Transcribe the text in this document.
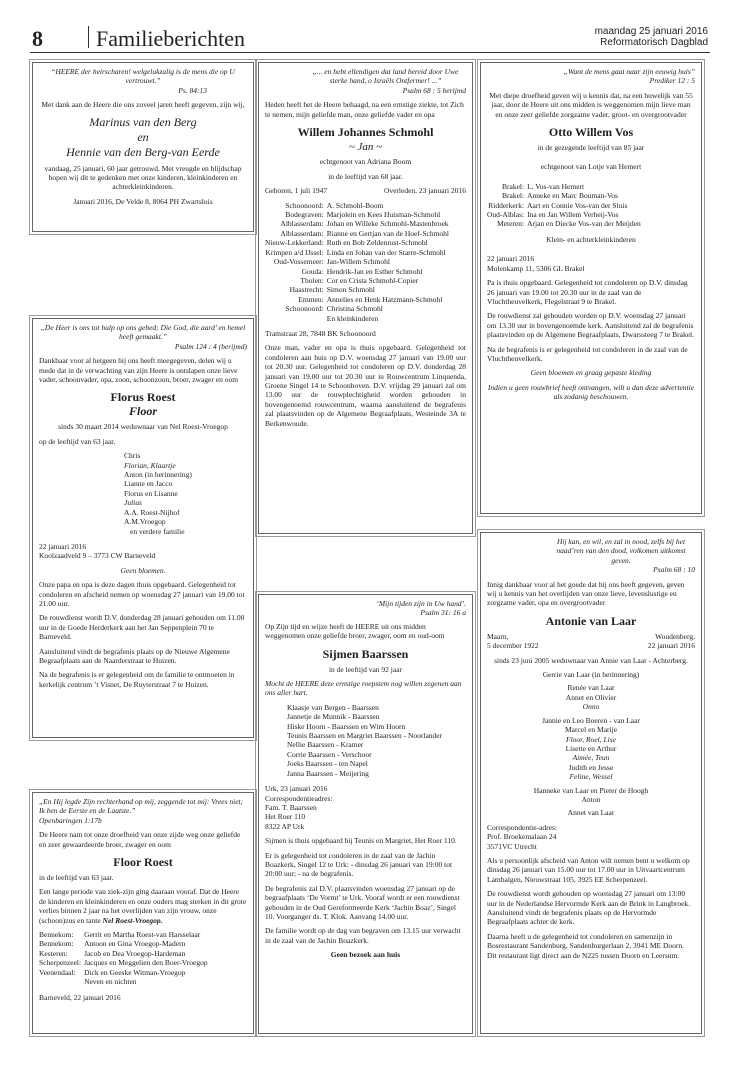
8 Familieberichten	maandag 25 januari 2016
Reformatorisch Dagblad
“HEERE der heirscharen! welgelukzalig is de mens die op U vertrouwt.”
Ps. 84:13

Met dank aan de Heere die ons zoveel jaren heeft gegeven, zijn wij,

Marinus van den Berg
en
Hennie van den Berg-van Eerde

vandaag, 25 januari, 60 jaar getrouwd. Met vreugde en blijdschap hopen wij dit te gedenken met onze kinderen, kleinkinderen en achterkleinkinderen.

Januari 2016, De Velde 8, 8064 PH Zwartsluis
„De Heer is ons tot hulp op ons gebed; Die God, die aard’ en hemel heeft gemaakt.”
Psalm 124 : 4 (berijmd)

Dankbaar voor al hetgeen hij ons heeft meegegeven, delen wij u mede dat in de verwachting van zijn Heere is ontslapen onze lieve vader, schoonvader, opa, zoon, schoonzoon, broer, zwager en oom

Florus Roest
Floor

sinds 30 maart 2014 weduwnaar van Nel Roest-Vroegop

op de leeftijd van 63 jaar.

Chris
Florian, Klaartje
Anton (in herinnering)
Lianne en Jacco
Florus en Lisanne
Julius
A.A. Roest-Nijhof
A.M.Vroegop
en verdere familie
22 januari 2016

Koolzaadveld 9 – 3773 CW Barneveld

Geen bloemen.

Onze papa en opa is deze dagen thuis opgebaard. Gelegenheid tot condoleren en afscheid nemen op woensdag 27 januari van 19.00 tot 21.00 uur.

De rouwdienst wordt D.V. donderdag 28 januari gehouden om 11.00 uur in de Goede Herderkerk aan het Jan Seppenplein 70 te Barneveld.

Aansluitend vindt de begrafenis plaats op de Nieuwe Algemene Begraafplaats aan de Naarderstraat te Huizen.

Na de begrafenis is er gelegenheid om de familie te ontmoeten in kerkelijk centrum ’t Visnet, De Ruyterstraat 7 te Huizen.

„En Hij legde Zijn rechterhand op mij, zeggende tot mij: Vrees niet; Ik ben de Eerste en de Laatste.”
Openbaringen 1:17b

De Heere nam tot onze droefheid van onze zijde weg onze geliefde en zeer gewaardeerde broer, zwager en oom

Floor Roest

in de leeftijd van 63 jaar.

Een lange periode van ziek-zijn ging daaraan vooraf. Dat de Heere de kinderen en kleinkinderen en onze ouders mag sterken in dit grote verlies binnen 2 jaar na het overlijden van zijn vrouw, onze (schoon)zus en tante Nel Roest-Vroegop.
Bennekom:	Gerrit en Martha Roest-van Harsselaar
Bennekom:	Antoon en Gina Vroegop-Madern
Kesteren:	Jacob en Dea Vroegop-Hardeman
Scherpenzeel: Jacques en Meggelien den Boer-Vroegop
Veenendaal:	Dick en Geeske Witman-Vroegop
Neven en nichten
Barneveld, 22 januari 2016
„... en hebt ellendigen dat land bereid door Uwe sterke hand, o Israëls Ontfermer! ...”
Psalm 68 : 5 berijmd

Heden heeft het de Heere behaagd, na een ernstige ziekte, tot Zich te nemen, mijn geliefde man, onze geliefde vader en opa

Willem Johannes Schmohl
~ Jan ~

echtgenoot van Adriana Boom

in de leeftijd van 68 jaar.

Geboren, 1 juli 1947	Overleden, 23 januari 2016
Schoonoord: A. Schmohl-Boom
Bodegraven: Marjolein en Kees Huisman-Schmohl
Alblasserdam: Johan en Willeke Schmohl-Mastenbroek
Alblasserdam: Rianne en Gertjan van de Hoef-Schmohl
Nieuw-Lekkerland: Ruth en Bob Zeldenrust-Schmohl
Krimpen a/d IJssel: Linda en Johan van der Starre-Schmohl
Oud-Vossemeer: Jan-Willem Schmohl
Gouda: Hendrik-Jan en Esther Schmohl
Tholen: Cor en Crista Schmohl-Copier
Haastrecht: Simon Schmohl
Emmen: Annelies en Henk Hatzmann-Schmohl
Schoonoord: Christina Schmohl
En kleinkinderen

Tramstraat 28, 7848 BK Schoonoord

Onze man, vader en opa is thuis opgebaard. Gelegenheid tot condoleren aan huis op D.V. woensdag 27 januari van 19.00 uur tot 20.30 uur. Gelegenheid tot condoleren op D.V. donderdag 28 januari van 19.00 uur tot 20.30 uur in Rouwcentrum Linquenda, Groene Singel 14 te Schoonhoven. D.V. vrijdag 29 januari zal om 13.00 uur de rouwplechtigheid worden gehouden in bovengenoemd rouwcentrum, waarna aansluitend de begrafenis zal plaatsvinden op de Algemene Begraafplaats, Westeinde 3A te Berkenwoude.

‘Mijn tijden zijn in Uw hand’.
Psalm 31: 16 a

Op Zijn tijd en wijze heeft de HEERE uit ons midden weggenomen onze geliefde broer, zwager, oom en oud-oom

Sijmen Baarssen

in de leeftijd van 92 jaar

Mocht de HEERE deze ernstige roepstem nog willen zegenen aan ons aller hart.

Klaasje van Bergen - Baarssen
Jannetje de Munnik - Baarssen
Hiske Hoorn - Baarssen en Wim Hoorn
Teunis Baarssen en Margriet Baarssen - Noorlander
Nellie Baarssen - Kramer
Corrie Baarssen - Verschoor
Joeks Baarssen - ten Napel
Janna Baarssen - Meijering
Urk, 23 januari 2016
Correspondentieadres:
Fam. T. Baarssen
Het Roer 110

8322 AP Urk

Sijmen is thuis opgebaard bij Teunis en Margriet, Het Roer 110.

Er is gelegenheid tot condoleren in de zaal van de Jachin Boazkerk, Singel 12 te Urk: - dinsdag 26 januari van 19:00 tot 20:00 uur; - na de begrafenis.

De begrafenis zal D.V. plaatsvinden woensdag 27 januari op de begraafplaats ‘De Vormt’ te Urk. Vooraf wordt er een rouwdienst gehouden in de Oud Gereformeerde Kerk ‘Jachin Boaz’, Singel 10. Voorganger ds. T. Klok. Aanvang 14.00 uur.

De familie wordt op de dag van begraven om 13.15 uur verwacht in de zaal van de Jachin Boazkerk.

Geen bezoek aan huis
„Want de mens gaat naar zijn eeuwig huis”
Prediker 12 : 5

Met diepe droefheid geven wij u kennis dat, na een huwelijk van 55 jaar, door de Heere uit ons midden is weggenomen mijn lieve man en onze zeer geliefde zorgzame vader, groot- en overgrootvader

Otto Willem Vos

in de gezegende leeftijd van 85 jaar

echtgenoot van Lotje van Hemert

Brakel: L. Vos-van Hemert
Brakel: Anneke en Marc Bouman-Vos
Ridderkerk: Aart en Connie Vos-van der Sluis
Oud-Alblas: Ina en Jan Willem Verheij-Vos
Meteren: Arjan en Diecke Vos-van der Meijden

Klein- en achterkleinkinderen

22 januari 2016

Molenkamp 11, 5306 GL Brakel

Pa is thuis opgebaard. Gelegenheid tot condoleren op D.V. dinsdag 26 januari van 19.00 tot 20.30 uur in de zaal van de Vluchtheuvelkerk, Flegelstraat 9 te Brakel.

De rouwdienst zal gehouden worden op D.V. woensdag 27 januari om 13.30 uur in bovengenoemde kerk. Aansluitend zal de begrafenis plaatsvinden op de Algemene Begraafplaats, Dwarssteeg 7 te Brakel.

Na de begrafenis is er gelegenheid tot condoleren in de zaal van de Vluchtheuvelkerk.

Geen bloemen en graag gepaste kleding

Indien u geen rouwbrief heeft ontvangen, wilt u dan deze advertentie als zodanig beschouwen.

Hij kan, en wil, en zal in nood, zelfs bij het naad’ren van den dood, volkomen uitkomst geven.
Psalm 68 : 10

Innig dankbaar voor al het goede dat hij ons heeft gegeven, geven wij u kennis van het overlijden van onze lieve, levenslustige en zorgzame vader, opa en overgrootvader

Antonie van Laar
Maarn,
5 december 1922
Woudenberg,
22 januari 2016

sinds 23 juni 2005 weduwnaar van Annie van Laar - Achterberg.

Gerrie van Laar (in herinnering)
Renée van Laar
Annet en Olivier
Onno
Jannie en Leo Boeren - van Laar
Marcel en Marije
Floor, Roel, Lise
Lisette en Arthur
Aimée, Teun
Judith en Jesse
Feline, Wessel
Hanneke van Laar en Pieter de Hoogh
Anton
Annet van Laar
Correspondentie-adres:
Prof. Broekemalaan 24

3571VC Utrecht

Als u persoonlijk afscheid van Anton wilt nemen bent u welkom op dinsdag 26 januari van 15.00 uur tot 17.00 uur in Uitvaartcentrum Lambalgen, Nieuwstraat 105, 3925 EE Scherpenzeel.

De rouwdienst wordt gehouden op woensdag 27 januari om 13:00 uur in de Nederlandse Hervormde Kerk aan de Brink in Langbroek. Aansluitend vindt de begrafenis plaats op de Hervormde Begraafplaats achter de kerk.

Daarna heeft u de gelegenheid tot condoleren en samenzijn in Bosrestaurant Sandenburg, Sandenburgerlaan 2, 3941 ME Doorn. Dit restaurant ligt direct aan de N225 tussen Doorn en Leersum.
